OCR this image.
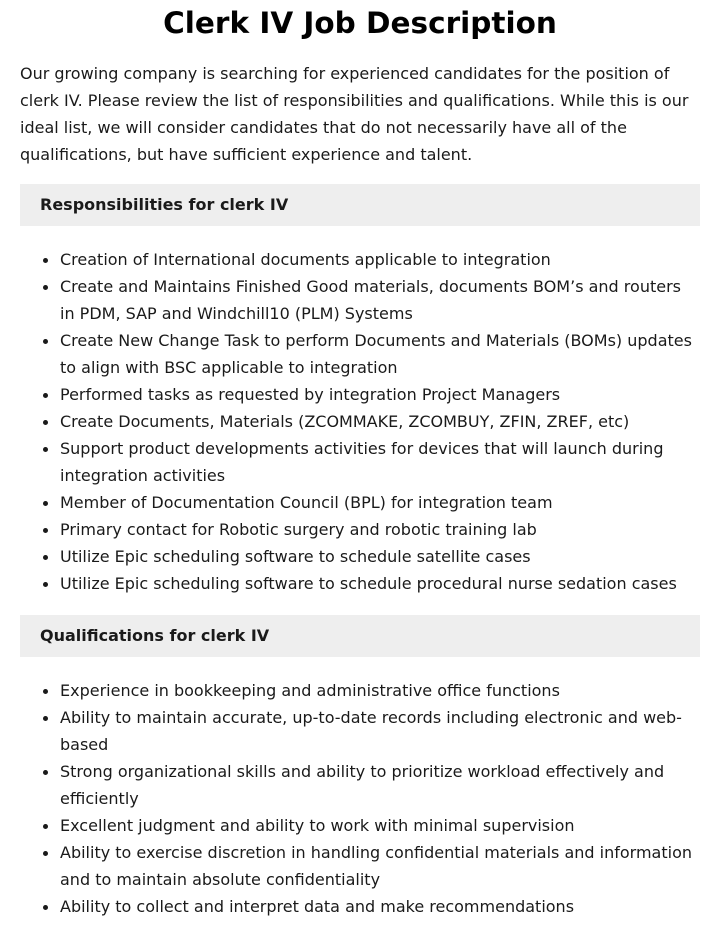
Clerk IV Job Description

Our growing company is searching for experienced candidates for the position of clerk IV. Please review the list of responsibilities and qualifications. While this is our ideal list, we will consider candidates that do not necessarily have all of the qualifications, but have sufficient experience and talent.

Responsibilities for clerk IV
Creation of International documents applicable to integration
Create and Maintains Finished Good materials, documents BOM’s and routers in PDM, SAP and Windchill10 (PLM) Systems
Create New Change Task to perform Documents and Materials (BOMs) updates to align with BSC applicable to integration
Performed tasks as requested by integration Project Managers
Create Documents, Materials (ZCOMMAKE, ZCOMBUY, ZFIN, ZREF, etc)
Support product developments activities for devices that will launch during integration activities
Member of Documentation Council (BPL) for integration team
Primary contact for Robotic surgery and robotic training lab
Utilize Epic scheduling software to schedule satellite cases
Utilize Epic scheduling software to schedule procedural nurse sedation cases
Qualifications for clerk IV
Experience in bookkeeping and administrative office functions
Ability to maintain accurate, up-to-date records including electronic and web-based
Strong organizational skills and ability to prioritize workload effectively and efficiently
Excellent judgment and ability to work with minimal supervision
Ability to exercise discretion in handling confidential materials and information and to maintain absolute confidentiality
Ability to collect and interpret data and make recommendations
